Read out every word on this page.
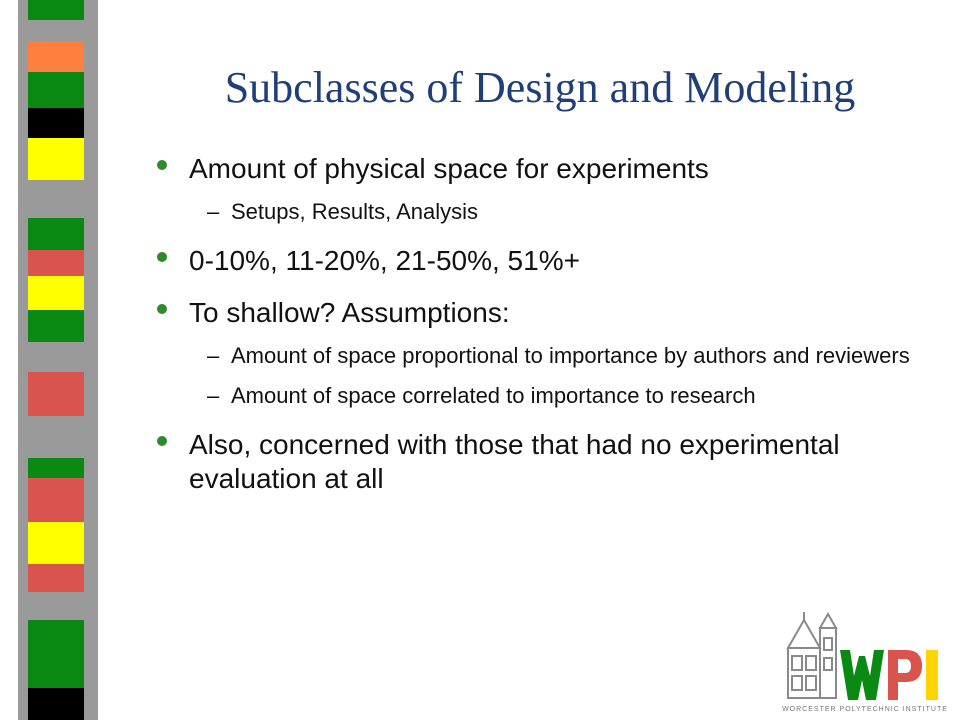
Subclasses of Design and Modeling
Amount of physical space for experiments
– Setups, Results, Analysis
0-10%, 11-20%, 21-50%, 51%+
To shallow? Assumptions:
– Amount of space proportional to importance by authors and reviewers
– Amount of space correlated to importance to research
Also, concerned with those that had no experimental evaluation at all
WORCESTER POLYTECHNIC INSTITUTE
